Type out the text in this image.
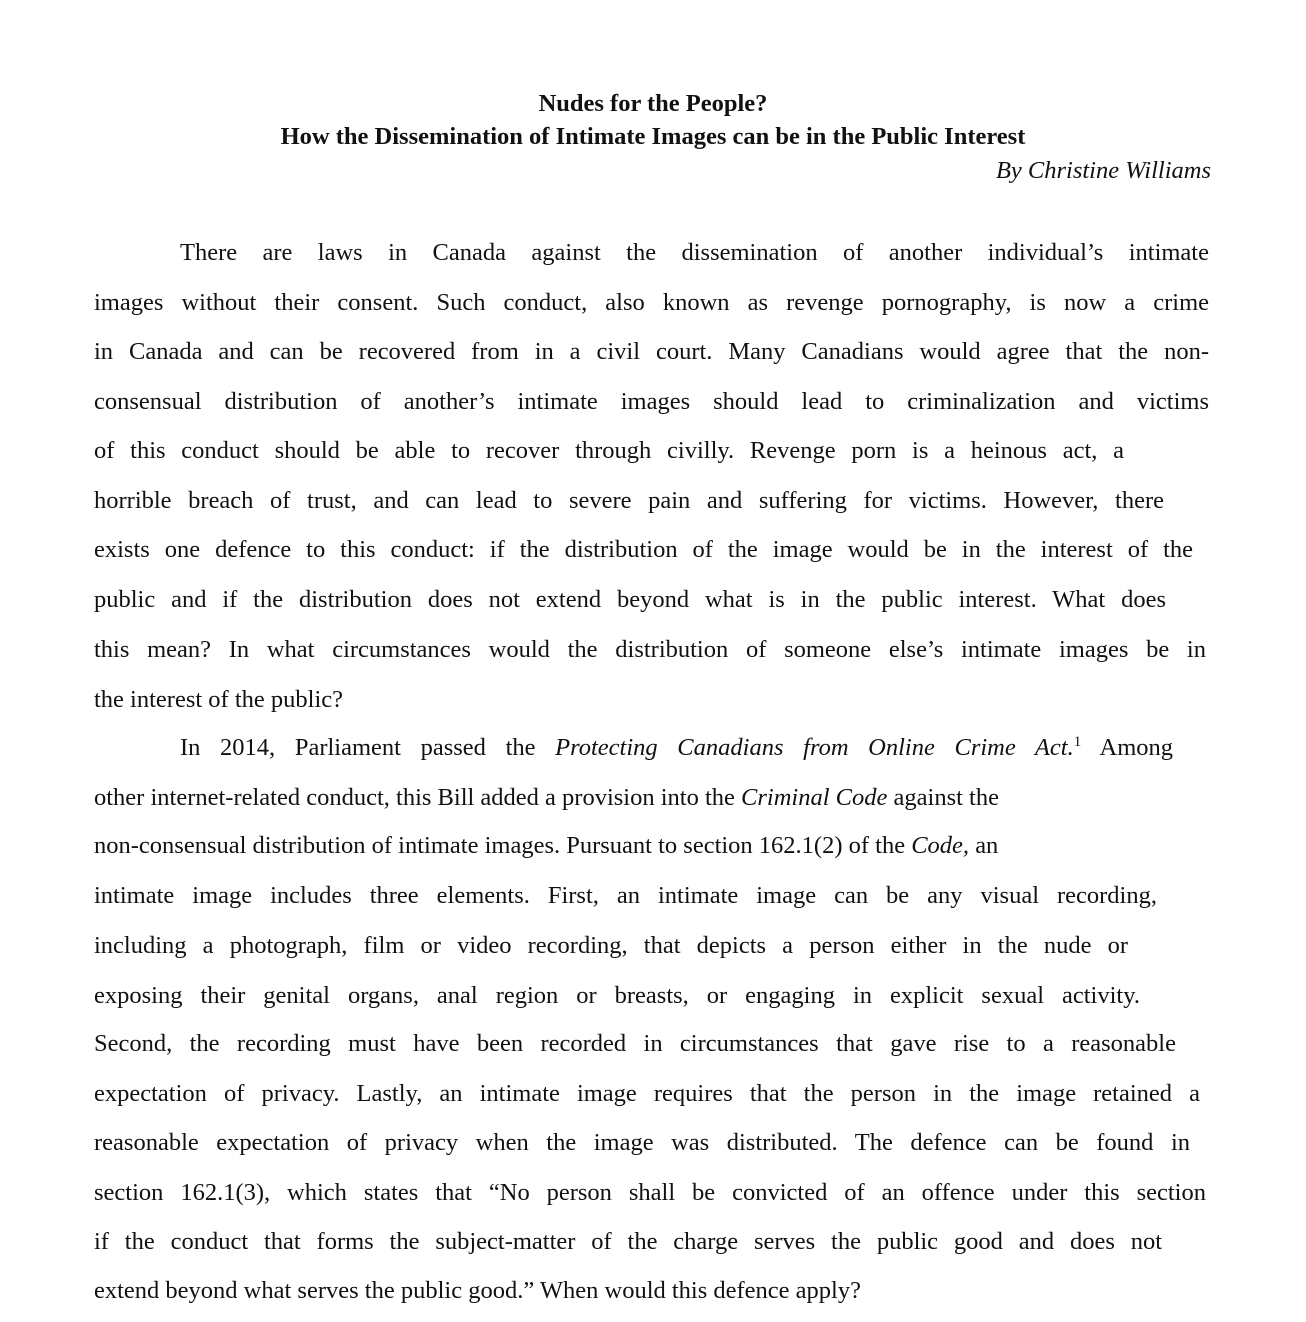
Nudes for the People?
How the Dissemination of Intimate Images can be in the Public Interest
By Christine Williams
There are laws in Canada against the dissemination of another individual’s intimate
images without their consent. Such conduct, also known as revenge pornography, is now a crime
in Canada and can be recovered from in a civil court. Many Canadians would agree that the non-
consensual distribution of another’s intimate images should lead to criminalization and victims
of this conduct should be able to recover through civilly. Revenge porn is a heinous act, a
horrible breach of trust, and can lead to severe pain and suffering for victims. However, there
exists one defence to this conduct: if the distribution of the image would be in the interest of the
public and if the distribution does not extend beyond what is in the public interest. What does
this mean? In what circumstances would the distribution of someone else’s intimate images be in
the interest of the public?
In 2014, Parliament passed the Protecting Canadians from Online Crime Act.$^1$ Among
other internet-related conduct, this Bill added a provision into the Criminal Code against the
non-consensual distribution of intimate images. Pursuant to section 162.1(2) of the Code, an
intimate image includes three elements. First, an intimate image can be any visual recording,
including a photograph, film or video recording, that depicts a person either in the nude or
exposing their genital organs, anal region or breasts, or engaging in explicit sexual activity.
Second, the recording must have been recorded in circumstances that gave rise to a reasonable
expectation of privacy. Lastly, an intimate image requires that the person in the image retained a
reasonable expectation of privacy when the image was distributed. The defence can be found in
section 162.1(3), which states that “No person shall be convicted of an offence under this section
if the conduct that forms the subject-matter of the charge serves the public good and does not
extend beyond what serves the public good.” When would this defence apply?
